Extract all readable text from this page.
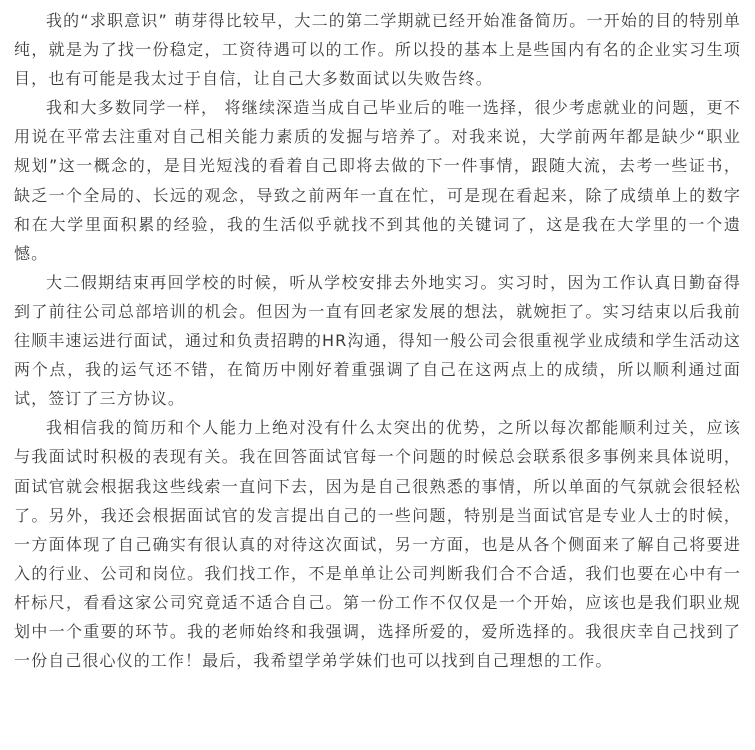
我的“求职意识” 萌芽得比较早，大二的第二学期就已经开始准备简历。一开始的目的特别单纯，就是为了找一份稳定，工资待遇可以的工作。所以投的基本上是些国内有名的企业实习生项目，也有可能是我太过于自信，让自己大多数面试以失败告终。

我和大多数同学一样， 将继续深造当成自己毕业后的唯一选择，很少考虑就业的问题，更不用说在平常去注重对自己相关能力素质的发掘与培养了。对我来说，大学前两年都是缺少“职业规划”这一概念的，是目光短浅的看着自己即将去做的下一件事情，跟随大流，去考一些证书，缺乏一个全局的、长远的观念，导致之前两年一直在忙，可是现在看起来，除了成绩单上的数字和在大学里面积累的经验，我的生活似乎就找不到其他的关键词了，这是我在大学里的一个遗憾。

大二假期结束再回学校的时候，听从学校安排去外地实习。实习时，因为工作认真日勤奋得到了前往公司总部培训的机会。但因为一直有回老家发展的想法，就婉拒了。实习结束以后我前往顺丰速运进行面试，通过和负责招聘的HR沟通，得知一般公司会很重视学业成绩和学生活动这两个点，我的运气还不错，在简历中刚好着重强调了自己在这两点上的成绩，所以顺利通过面试，签订了三方协议。

我相信我的简历和个人能力上绝对没有什么太突出的优势，之所以每次都能顺利过关，应该与我面试时积极的表现有关。我在回答面试官每一个问题的时候总会联系很多事例来具体说明，面试官就会根据我这些线索一直问下去，因为是自己很熟悉的事情，所以单面的气氛就会很轻松了。另外，我还会根据面试官的发言提出自己的一些问题，特别是当面试官是专业人士的时候，一方面体现了自己确实有很认真的对待这次面试，另一方面，也是从各个侧面来了解自己将要进入的行业、公司和岗位。我们找工作，不是单单让公司判断我们合不合适，我们也要在心中有一杆标尺，看看这家公司究竟适不适合自己。第一份工作不仅仅是一个开始，应该也是我们职业规划中一个重要的环节。我的老师始终和我强调，选择所爱的，爱所选择的。我很庆幸自己找到了一份自己很心仪的工作！最后，我希望学弟学妹们也可以找到自己理想的工作。
